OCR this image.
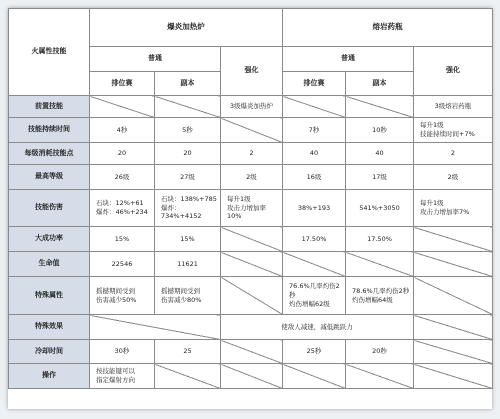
火属性技能	爆炎加热炉			熔岩药瓶		
	普通		强化	普通		强化
	排位赛	副本		排位赛	副本	
前置技能			3级爆炎加热炉			3级熔岩药瓶
技能持续时间	4秒	5秒		7秒	10秒	每升1级
技能持续时间+7%
每级消耗技能点	20	20	2	40	40	2
最高等级	26级	27级	2级	16级	17级	2级
技能伤害	石块：12%+61
爆炸：46%+234	石块：138%+785
爆炸：734%+4152	每升1级
攻击力增加率10%	38%+193	541%+3050	每升1级
攻击力增加率7%
大成功率	15%	15%		17.50%	17.50%	
生命值	22546	11621				
特殊属性	摇撼期间受到
伤害减少50%	摇撼期间受到
伤害减少80%		76.6%几率灼伤2秒
灼伤增幅62级	78.6%几率灼伤2秒
灼伤增幅64级	
特殊效果			使敌人减速，减低跳跃力			
冷却时间	30秒	25		25秒	20秒	
操作	按技能键可以
指定爆射方向					
